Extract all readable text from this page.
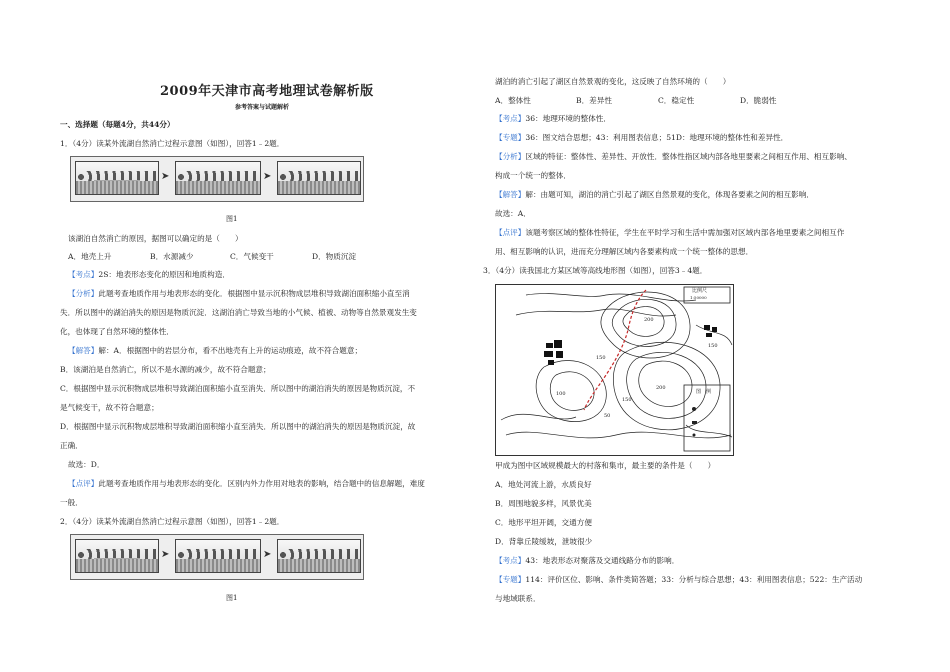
2009年天津市高考地理试卷解析版
参考答案与试题解析
一、选择题（每题4分，共44分）
1．（4分）读某外流湖自然消亡过程示意图（如图），回答1﹣2题．
➤	➤
图1
该湖泊自然消亡的原因，据图可以确定的是（　　）
A．地壳上升	B．水源减少	C．气候变干	D．物质沉淀
【考点】2S：地表形态变化的原因和地质构造．
【分析】此题考查地质作用与地表形态的变化．根据图中显示沉积物成层堆积导致湖泊面积缩小直至消
失．所以图中的湖泊消失的原因是物质沉淀．这湖泊消亡导致当地的小气候、植被、动物等自然景观发生变
化，也体现了自然环境的整体性．
【解答】解：A．根据图中的岩层分布，看不出地壳有上升的运动痕迹，故不符合题意；
B．该湖泊是自然消亡，所以不是水源的减少，故不符合题意；
C．根据图中显示沉积物成层堆积导致湖泊面积缩小直至消失．所以图中的湖泊消失的原因是物质沉淀，不
是气候变干，故不符合题意；
D．根据图中显示沉积物成层堆积导致湖泊面积缩小直至消失．所以图中的湖泊消失的原因是物质沉淀，故
正确．
故选：D．
【点评】此题考查地质作用与地表形态的变化．区别内外力作用对地表的影响，结合题中的信息解题，难度
一般．
2．（4分）读某外流湖自然消亡过程示意图（如图），回答1﹣2题．
➤	➤
图1
湖泊的消亡引起了湖区自然景观的变化，这反映了自然环境的（　　）
A．整体性	B．差异性	C．稳定性	D．脆弱性
【考点】36：地理环境的整体性．
【专题】36：图文结合思想；43：利用图表信息；51D：地理环境的整体性和差异性．
【分析】区域的特征：整体性、差异性、开放性．整体性指区域内部各地里要素之间相互作用、相互影响、
构成一个统一的整体．
【解答】解：由题可知，湖泊的消亡引起了湖区自然景观的变化，体现各要素之间的相互影响．
故选：A．
【点评】该题考察区域的整体性特征，学生在平时学习和生活中需加强对区域内部各地里要素之间相互作
用、相互影响的认识，进而充分理解区域内各要素构成一个统一整体的思想．
3．（4分）读我国北方某区域等高线地形图（如图），回答3﹣4题．
比例尺
1:50000
图　例
200
150
100
150
200
150
50
甲成为图中区域规模最大的村落和集市，最主要的条件是（　　）
A．地处河流上游，水质良好
B．周围地貌多样，风景优美
C．地形平坦开阔，交通方便
D．背靠丘陵缓坡，泄坡很少
【考点】43：地表形态对聚落及交通线路分布的影响．
【专题】114：评价区位、影响、条件类简答题；33：分析与综合思想；43：利用图表信息；522：生产活动
与地域联系．
